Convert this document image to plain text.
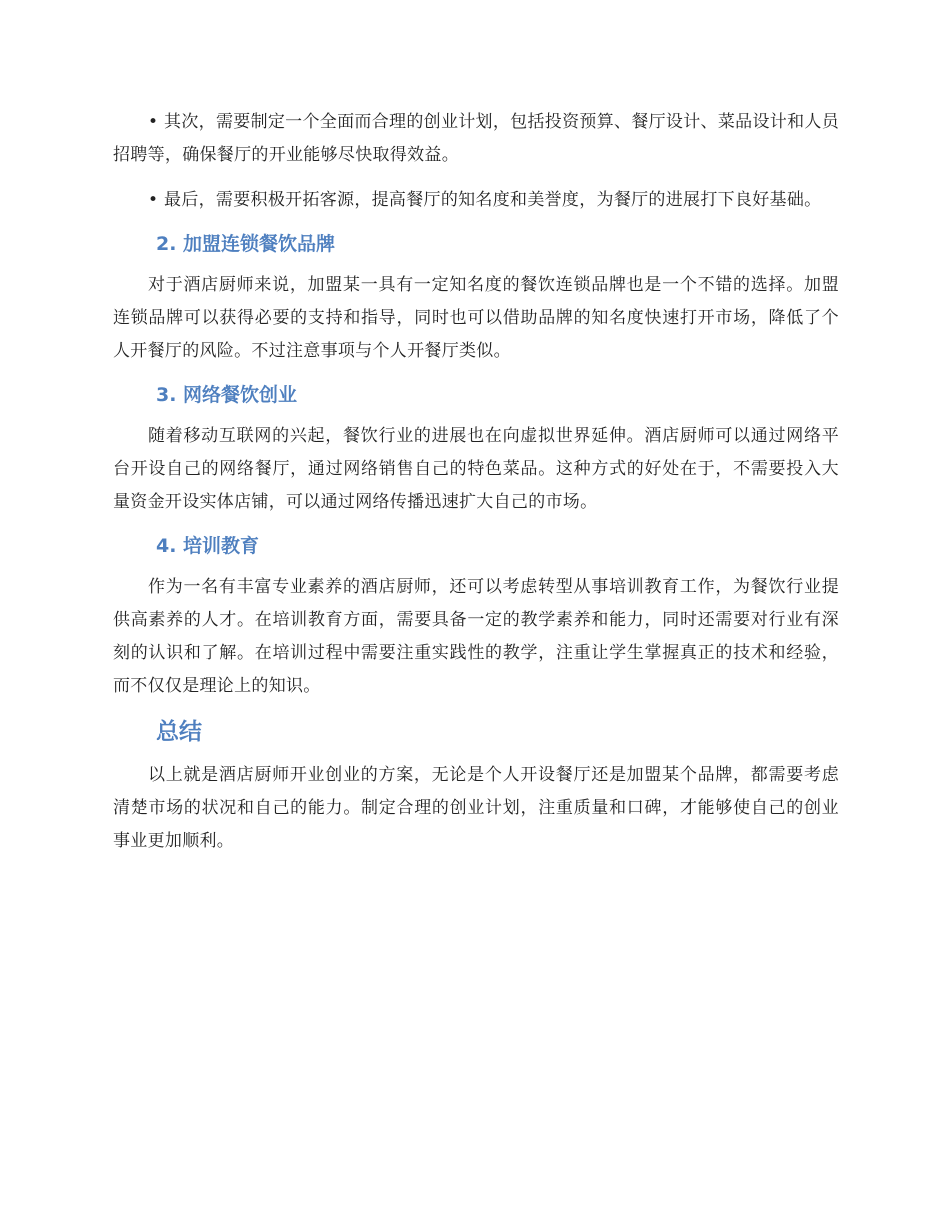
• 其次，需要制定一个全面而合理的创业计划，包括投资预算、餐厅设计、菜品设计和人员招聘等，确保餐厅的开业能够尽快取得效益。

• 最后，需要积极开拓客源，提高餐厅的知名度和美誉度，为餐厅的进展打下良好基础。

2. 加盟连锁餐饮品牌

对于酒店厨师来说，加盟某一具有一定知名度的餐饮连锁品牌也是一个不错的选择。加盟连锁品牌可以获得必要的支持和指导，同时也可以借助品牌的知名度快速打开市场，降低了个人开餐厅的风险。不过注意事项与个人开餐厅类似。

3. 网络餐饮创业

随着移动互联网的兴起，餐饮行业的进展也在向虚拟世界延伸。酒店厨师可以通过网络平台开设自己的网络餐厅，通过网络销售自己的特色菜品。这种方式的好处在于，不需要投入大量资金开设实体店铺，可以通过网络传播迅速扩大自己的市场。

4. 培训教育

作为一名有丰富专业素养的酒店厨师，还可以考虑转型从事培训教育工作，为餐饮行业提供高素养的人才。在培训教育方面，需要具备一定的教学素养和能力，同时还需要对行业有深刻的认识和了解。在培训过程中需要注重实践性的教学，注重让学生掌握真正的技术和经验，而不仅仅是理论上的知识。

总结

以上就是酒店厨师开业创业的方案，无论是个人开设餐厅还是加盟某个品牌，都需要考虑清楚市场的状况和自己的能力。制定合理的创业计划，注重质量和口碑，才能够使自己的创业事业更加顺利。
